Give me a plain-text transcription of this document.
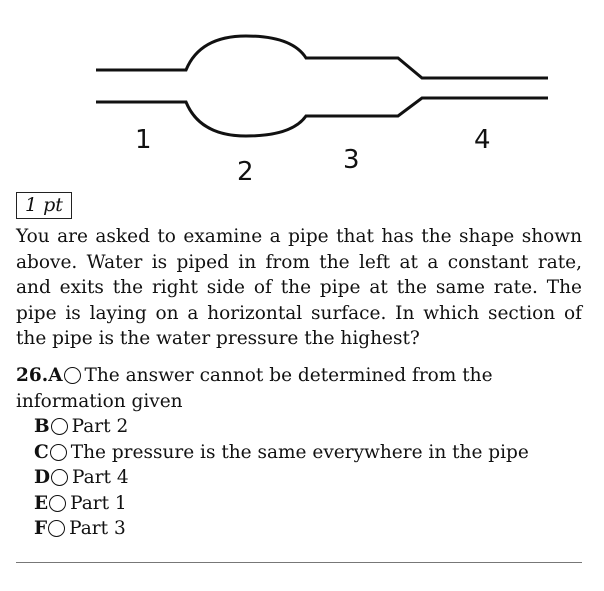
1
2	3
4
1 pt

You are asked to examine a pipe that has the shape shown above. Water is piped in from the left at a constant rate, and exits the right side of the pipe at the same rate. The pipe is laying on a horizontal surface. In which section of the pipe is the water pressure the highest?

26.A The answer cannot be determined from the information given

B Part 2

C The pressure is the same everywhere in the pipe

D Part 4

E Part 1

F Part 3
